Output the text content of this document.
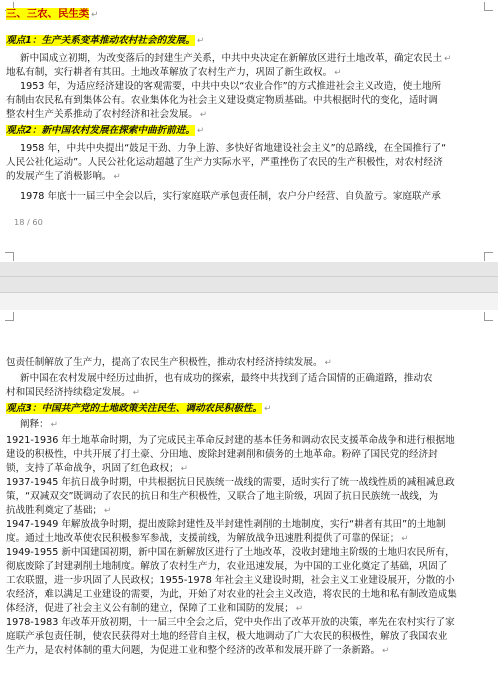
三、三农、民生类 ↵
观点1：生产关系变革推动农村社会的发展。 ↵
新中国成立初期，为改变落后的封建生产关系，中共中央决定在新解放区进行土地改革，确定农民土 ↵
地私有制，实行耕者有其田。土地改革解放了农村生产力，巩固了新生政权。 ↵
1953 年，为适应经济建设的客观需要，中共中央以“农业合作”的方式推进社会主义改造，使土地所
有制由农民私有到集体公有。农业集体化为社会主义建设奠定物质基础。中共根据时代的变化，适时调
整农村生产关系推动了农村经济和社会发展。 ↵
观点2：新中国农村发展在探索中曲折前进。 ↵
1958 年，中共中央提出“鼓足干劲、力争上游、多快好省地建设社会主义”的总路线，在全国推行了“
人民公社化运动”。人民公社化运动超越了生产力实际水平，严重挫伤了农民的生产积极性，对农村经济
的发展产生了消极影响。 ↵
1978 年底十一届三中全会以后，实行家庭联产承包责任制，农户分户经营、自负盈亏。家庭联产承
18 / 60
包责任制解放了生产力，提高了农民生产积极性，推动农村经济持续发展。 ↵
新中国在农村发展中经历过曲折，也有成功的探索，最终中共找到了适合国情的正确道路，推动农
村和国民经济持续稳定发展。 ↵
观点3：中国共产党的土地政策关注民生、调动农民积极性。 ↵
阐释： ↵
1921-1936 年土地革命时期，为了完成民主革命反封建的基本任务和调动农民支援革命战争和进行根据地
建设的积极性，中共开展了打土豪、分田地、废除封建剥削和债务的土地革命。粉碎了国民党的经济封
锁，支持了革命战争，巩固了红色政权； ↵
1937-1945 年抗日战争时期，中共根据抗日民族统一战线的需要，适时实行了统一战线性质的减租减息政
策，“双减双交”既调动了农民的抗日和生产积极性，又联合了地主阶级，巩固了抗日民族统一战线，为
抗战胜利奠定了基础； ↵
1947-1949 年解放战争时期，提出废除封建性及半封建性剥削的土地制度，实行“耕者有其田”的土地制
度。通过土地改革使农民积极参军参战，支援前线，为解放战争迅速胜利提供了可靠的保证； ↵
1949-1955 新中国建国初期，新中国在新解放区进行了土地改革，没收封建地主阶级的土地归农民所有，
彻底废除了封建剥削土地制度。解放了农村生产力，农业迅速发展，为中国的工业化奠定了基础，巩固了
工农联盟，进一步巩固了人民政权；1955-1978 年社会主义建设时期，社会主义工业建设展开，分散的小
农经济，难以满足工业建设的需要，为此，开始了对农业的社会主义改造，将农民的土地和私有制改造成集
体经济，促进了社会主义公有制的建立，保障了工业和国防的发展； ↵
1978-1983 年改革开放初期，十一届三中全会之后，党中央作出了改革开放的决策，率先在农村实行了家
庭联产承包责任制，使农民获得对土地的经营自主权，极大地调动了广大农民的积极性，解放了我国农业
生产力，是农村体制的重大问题，为促进工业和整个经济的改革和发展开辟了一条新路。 ↵
